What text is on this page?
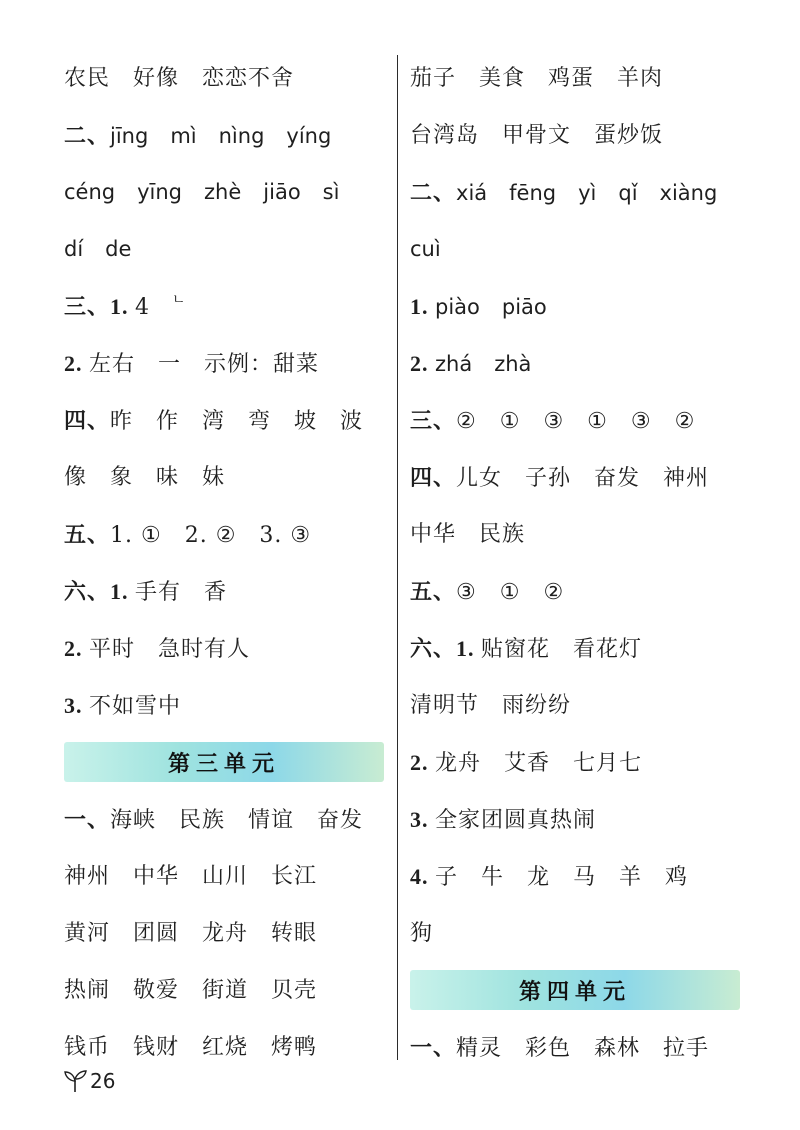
农民　好像　恋恋不舍
二、jīng mì nìng yíng
céng yīng zhè jiāo sì
dí de
三、1. 4 ㄴ
2. 左右　一　示例：甜菜
四、昨　作　湾　弯　坡　波
像　象　味　妹
五、1. ①　2. ②　3. ③
六、1. 手有　香
2. 平时　急时有人
3. 不如雪中
第三单元
一、海峡　民族　情谊　奋发
神州　中华　山川　长江
黄河　团圆　龙舟　转眼
热闹　敬爱　街道　贝壳
钱币　钱财　红烧　烤鸭
茄子　美食　鸡蛋　羊肉
台湾岛　甲骨文　蛋炒饭
二、xiá fēng yì qǐ xiàng
cuì
1. piào piāo
2. zhá zhà
三、②　①　③　①　③　②
四、儿女　子孙　奋发　神州
中华　民族
五、③　①　②
六、1. 贴窗花　看花灯
清明节　雨纷纷
2. 龙舟　艾香　七月七
3. 全家团圆真热闹
4. 子　牛　龙　马　羊　鸡
狗
第四单元
一、精灵　彩色　森林　拉手
26
